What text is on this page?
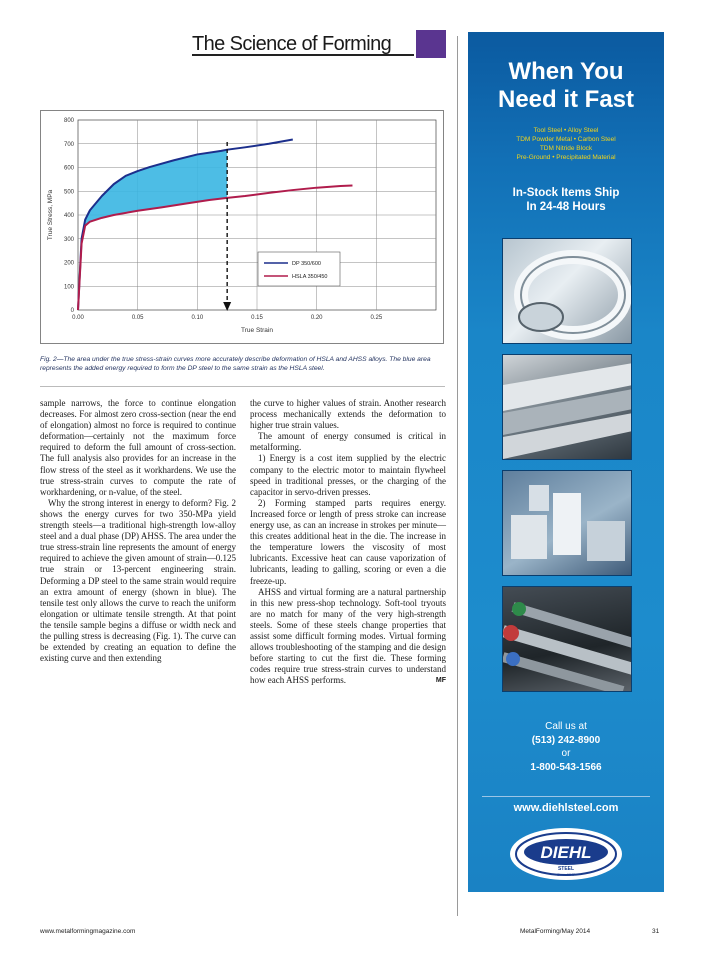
The Science of Forming
800
700
600
500
400
300
200
100
0
0.00	0.05	0.10	0.15	0.20	0.25
True Strain
True Stress, MPa
DP 350/600
HSLA 350/450
Fig. 2—The area under the true stress-strain curves more accurately describe deformation of HSLA and AHSS alloys. The blue area represents the added energy required to form the DP steel to the same strain as the HSLA steel.

sample narrows, the force to continue elongation decreases. For almost zero cross-section (near the end of elongation) almost no force is required to continue deformation—certainly not the maximum force required to deform the full amount of cross-section. The full analysis also provides for an increase in the flow stress of the steel as it workhardens. We use the true stress-strain curves to compute the rate of workhardening, or n-value, of the steel.

Why the strong interest in energy to deform? Fig. 2 shows the energy curves for two 350-MPa yield strength steels—a traditional high-strength low-alloy steel and a dual phase (DP) AHSS. The area under the true stress-strain line represents the amount of energy required to achieve the given amount of strain—0.125 true strain or 13-percent engineering strain. Deforming a DP steel to the same strain would require an extra amount of energy (shown in blue). The tensile test only allows the curve to reach the uniform elongation or ultimate tensile strength. At that point the tensile sample begins a diffuse or width neck and the pulling stress is decreasing (Fig. 1). The curve can be extended by creating an equation to define the existing curve and then extending

the curve to higher values of strain. Another research process mechanically extends the deformation to higher true strain values.

The amount of energy consumed is critical in metalforming.

1) Energy is a cost item supplied by the electric company to the electric motor to maintain flywheel speed in traditional presses, or the charging of the capacitor in servo-driven presses.

2) Forming stamped parts requires energy. Increased force or length of press stroke can increase energy use, as can an increase in strokes per minute—this creates additional heat in the die. The increase in the temperature lowers the viscosity of most lubricants. Excessive heat can cause vaporization of lubricants, leading to galling, scoring or even a die freeze-up.

AHSS and virtual forming are a natural partnership in this new press-shop technology. Soft-tool tryouts are no match for many of the very high-strength steels. Some of these steels change properties that assist some difficult forming modes. Virtual forming allows troubleshooting of the stamping and die design before starting to cut the first die. These forming codes require true stress-strain curves to understand how each AHSS performs.	MF

www.metalformingmagazine.com	MetalForming/May 2014	31
When You
Need it Fast
Tool Steel • Alloy Steel
TDM Powder Metal • Carbon Steel
TDM Nitride Block
Pre-Ground • Precipitated Material
In-Stock Items Ship
In 24-48 Hours
Call us at
(513) 242-8900
or
1-800-543-1566
www.diehlsteel.com
DIEHL
STEEL
Since 1947
